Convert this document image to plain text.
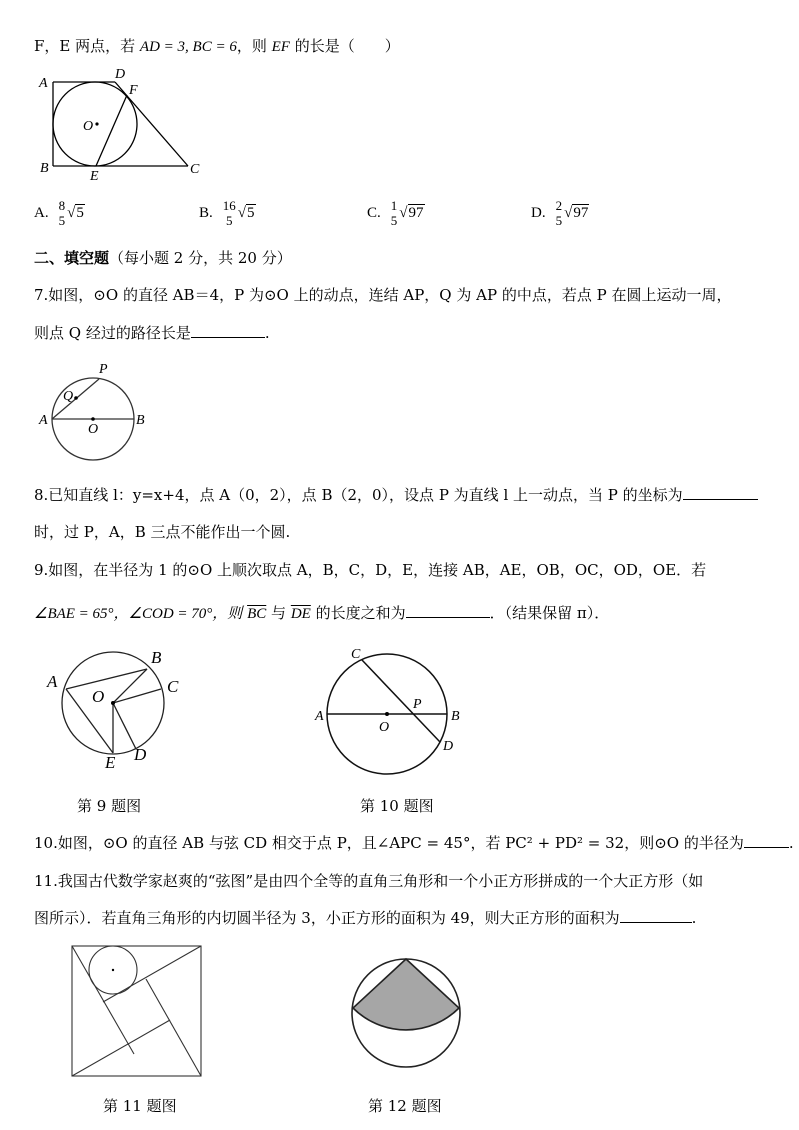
F，E 两点，若 AD = 3, BC = 6，则 EF 的长是（　　）
A
D
F
O
B
E	C
A. 8
5 √5	B. 16
5 √5	C. 1
5 √97	D. 2
5 √97
二、填空题（每小题 2 分，共 20 分）
7.如图，⊙O 的直径 AB＝4，P 为⊙O 上的动点，连结 AP，Q 为 AP 的中点，若点 P 在圆上运动一周，
则点 Q 经过的路径长是	.
P
Q
A
O
B
8.已知直线 l：y=x+4，点 A（0，2），点 B（2，0），设点 P 为直线 l 上一动点，当 P 的坐标为
时，过 P，A，B 三点不能作出一个圆.
9.如图，在半径为 1 的⊙O 上顺次取点 A，B，C，D，E，连接 AB，AE，OB，OC，OD，OE．若
∠BAE = 65°，∠COD = 70°，则 $\overline{BC}$ 与 $\overline{DE}$ 的长度之和为	．（结果保留 π）．
A
B
C
O
D
E
第 9 题图
A	B
C
D
P
O
第 10 题图
10.如图，⊙O 的直径 AB 与弦 CD 相交于点 P，且∠APC = 45°，若 PC² + PD² = 32，则⊙O 的半径为	.
11.我国古代数学家赵爽的“弦图”是由四个全等的直角三角形和一个小正方形拼成的一个大正方形（如
图所示）．若直角三角形的内切圆半径为 3，小正方形的面积为 49，则大正方形的面积为	.
第 11 题图	第 12 题图
